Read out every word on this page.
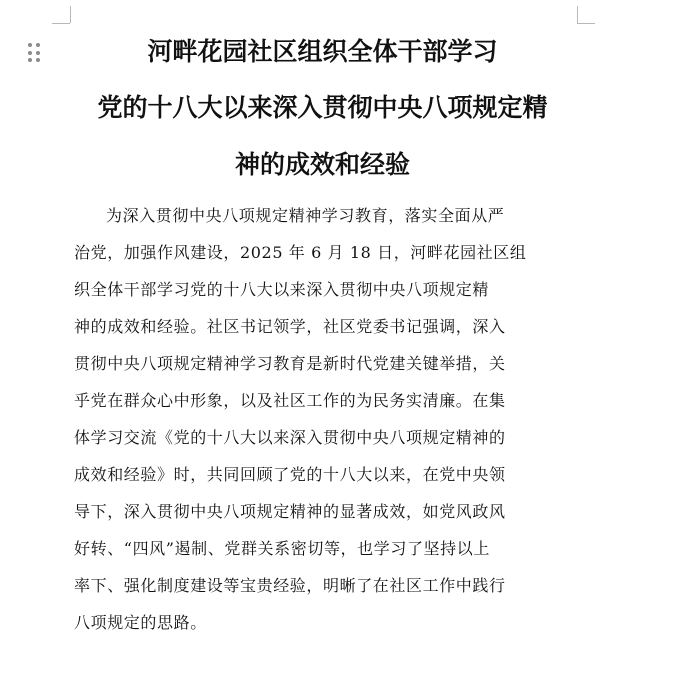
河畔花园社区组织全体干部学习
党的十八大以来深入贯彻中央八项规定精
神的成效和经验
为深入贯彻中央八项规定精神学习教育，落实全面从严
治党，加强作风建设，2025 年 6 月 18 日，河畔花园社区组
织全体干部学习党的十八大以来深入贯彻中央八项规定精
神的成效和经验。社区书记领学，社区党委书记强调，深入
贯彻中央八项规定精神学习教育是新时代党建关键举措，关
乎党在群众心中形象，以及社区工作的为民务实清廉。在集
体学习交流《党的十八大以来深入贯彻中央八项规定精神的
成效和经验》时，共同回顾了党的十八大以来，在党中央领
导下，深入贯彻中央八项规定精神的显著成效，如党风政风
好转、“四风”遏制、党群关系密切等，也学习了坚持以上
率下、强化制度建设等宝贵经验，明晰了在社区工作中践行
八项规定的思路。
